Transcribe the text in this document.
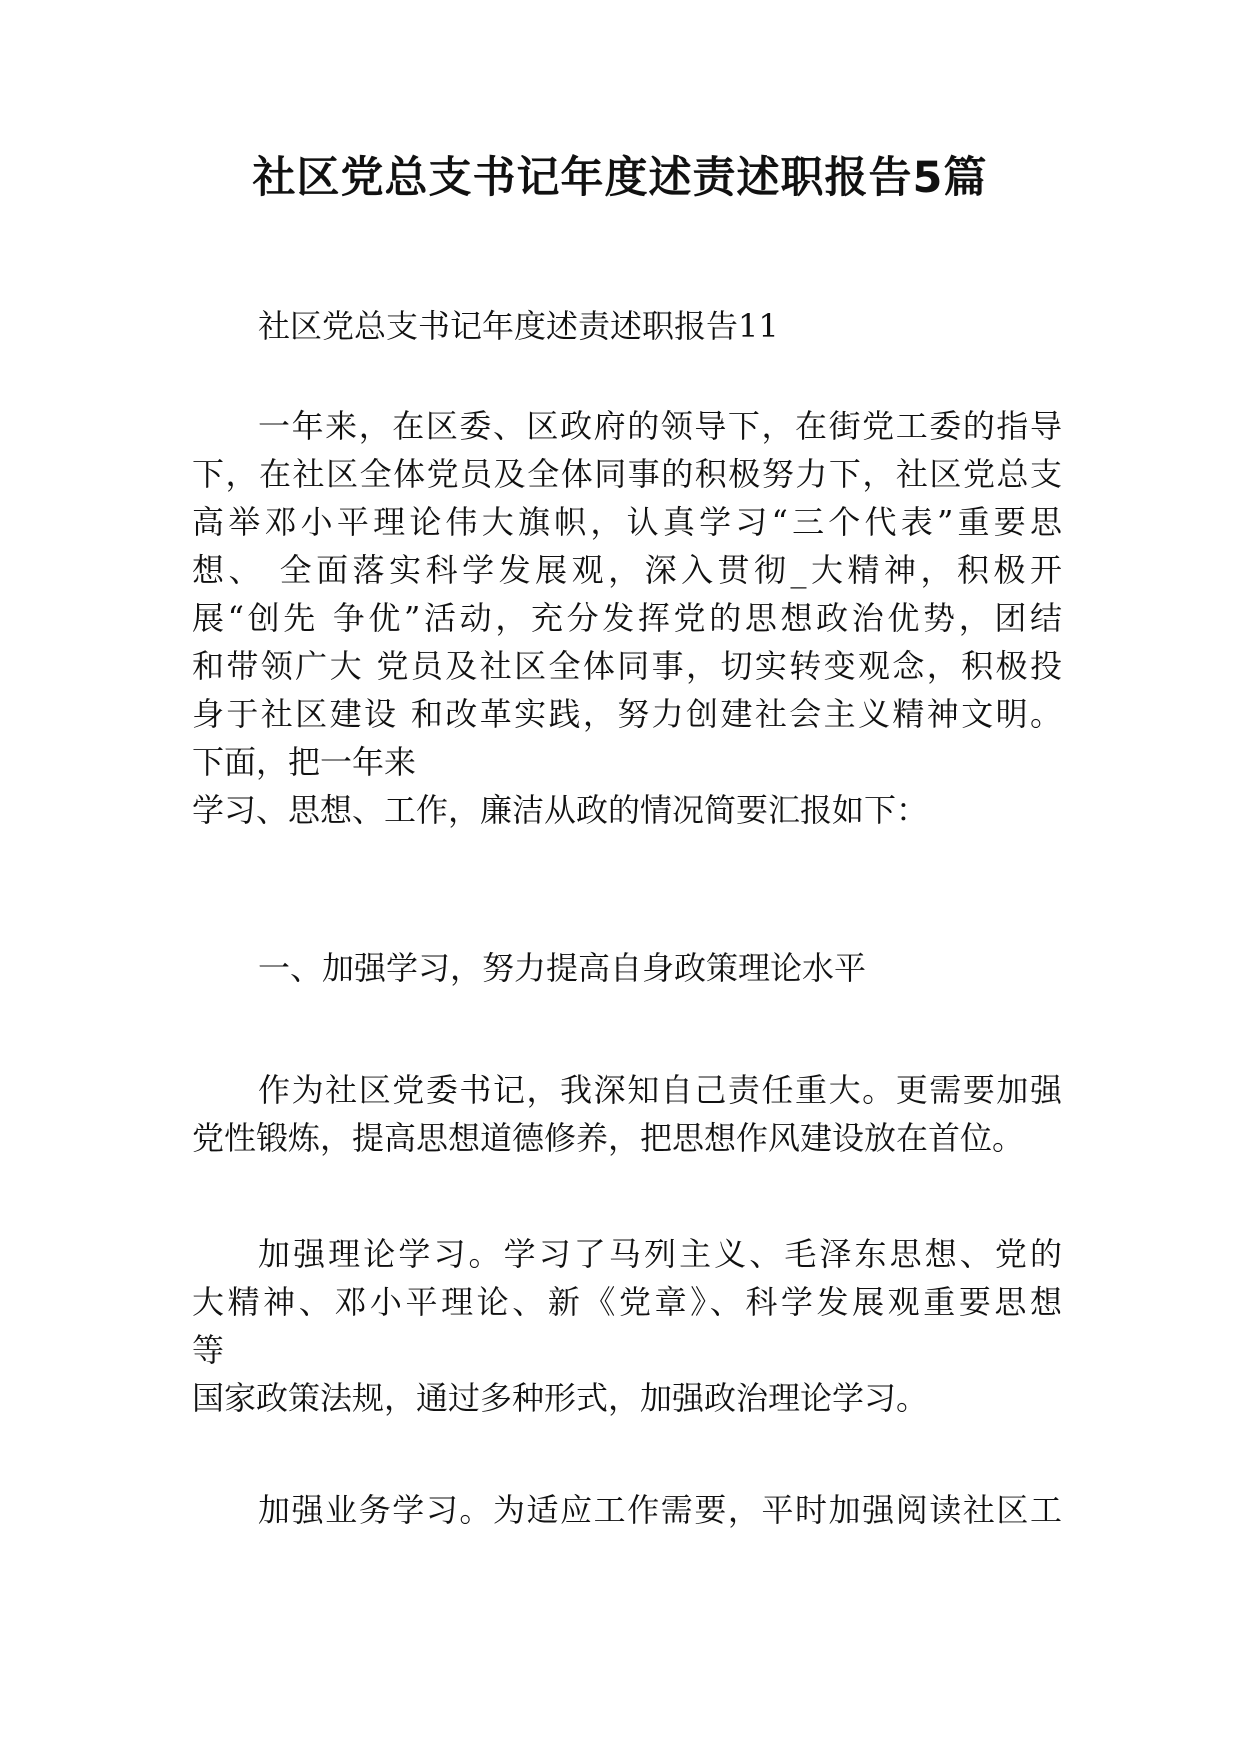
社区党总支书记年度述责述职报告5篇

社区党总支书记年度述责述职报告11

一年来，在区委、区政府的领导下，在街党工委的指导
下，在社区全体党员及全体同事的积极努力下，社区党总支
高举邓小平理论伟大旗帜，认真学习“三个代表”重要思
想、 全面落实科学发展观，深入贯彻_大精神，积极开
展“创先 争优”活动，充分发挥党的思想政治优势，团结
和带领广大 党员及社区全体同事，切实转变观念，积极投
身于社区建设 和改革实践，努力创建社会主义精神文明。
下面，把一年来
学习、思想、工作，廉洁从政的情况简要汇报如下：

一、加强学习，努力提高自身政策理论水平

作为社区党委书记，我深知自己责任重大。更需要加强
党性锻炼，提高思想道德修养，把思想作风建设放在首位。

加强理论学习。学习了马列主义、毛泽东思想、党的
大精神、邓小平理论、新《党章》、科学发展观重要思想
等
国家政策法规，通过多种形式，加强政治理论学习。

加强业务学习。为适应工作需要，平时加强阅读社区工
